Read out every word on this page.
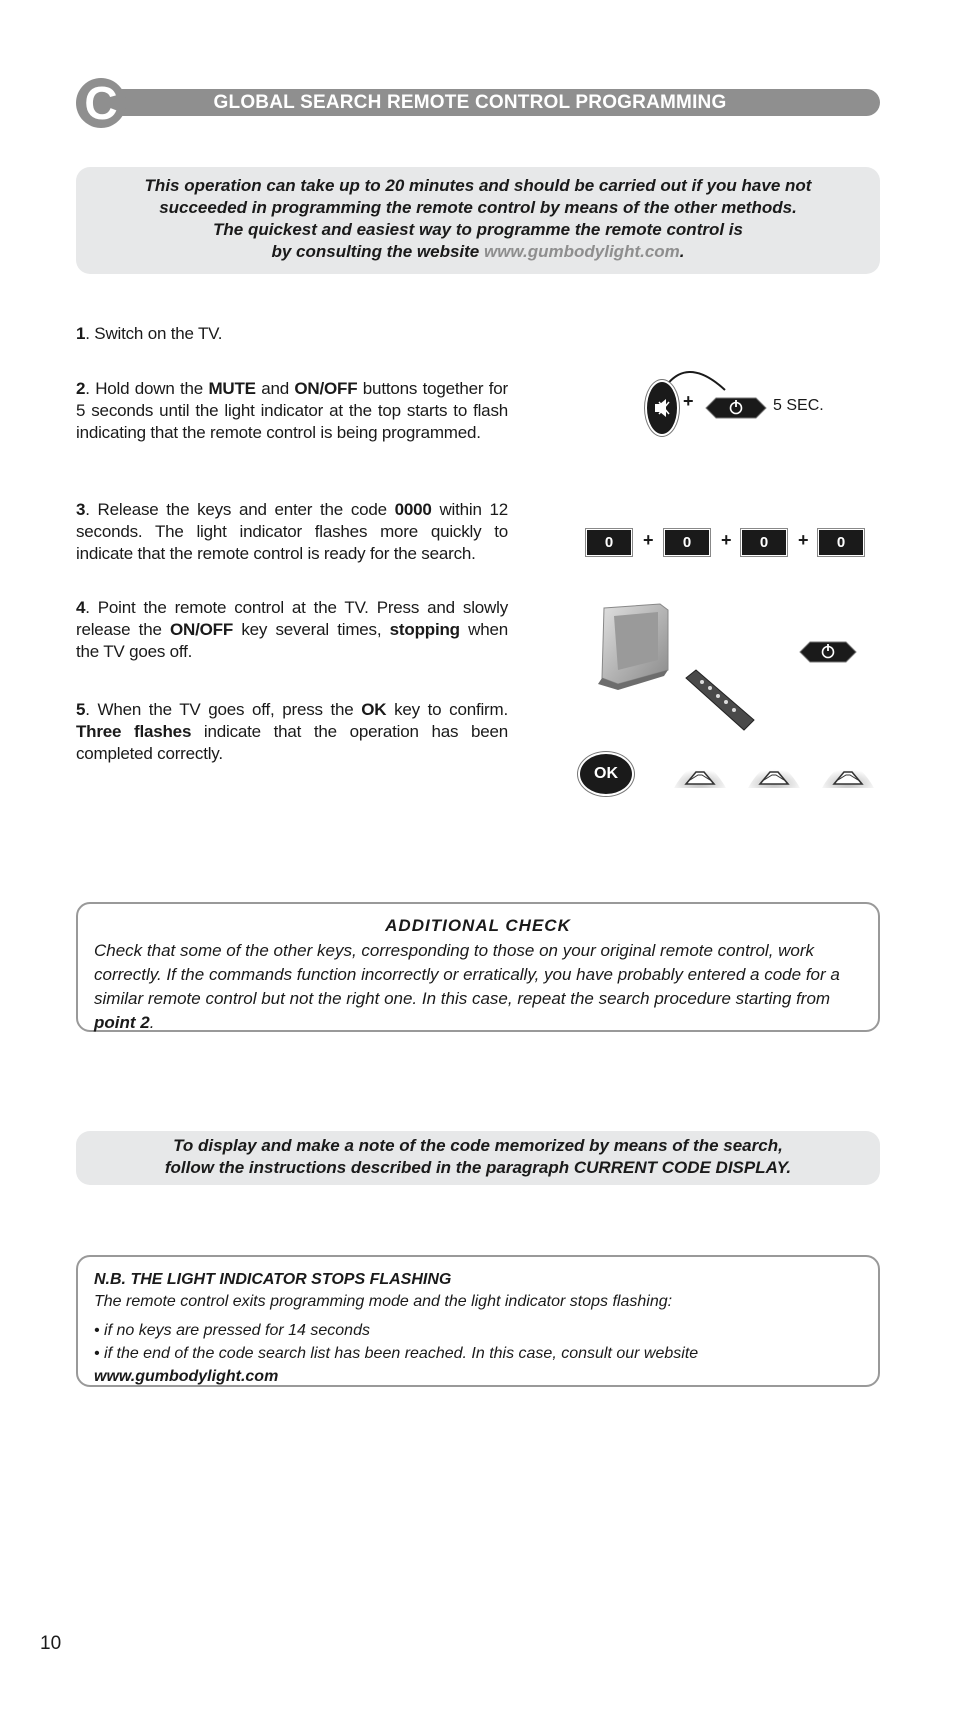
GLOBAL SEARCH REMOTE CONTROL PROGRAMMING
C
This operation can take up to 20 minutes and should be carried out if you have not
succeeded in programming the remote control by means of the other methods.
The quickest and easiest way to programme the remote control is
by consulting the website www.gumbodylight.com.
1. Switch on the TV.
2. Hold down the MUTE and ON/OFF buttons together for 5 seconds until the light indicator at the top starts to flash indicating that the remote control is being programmed.
3. Release the keys and enter the code 0000 within 12 seconds. The light indicator flashes more quickly to indicate that the remote control is ready for the search.
4. Point the remote control at the TV. Press and slowly release the ON/OFF key several times, stopping when the TV goes off.
5. When the TV goes off, press the OK key to confirm. Three flashes indicate that the operation has been completed correctly.
+	5 SEC.
0	+	0	+	0	+	0
OK
ADDITIONAL CHECK
Check that some of the other keys, corresponding to those on your original remote control, work correctly. If the commands function incorrectly or erratically, you have probably entered a code for a similar remote control but not the right one. In this case, repeat the search procedure starting from point 2.
To display and make a note of the code memorized by means of the search,
follow the instructions described in the paragraph CURRENT CODE DISPLAY.
N.B. THE LIGHT INDICATOR STOPS FLASHING
The remote control exits programming mode and the light indicator stops flashing:
• if no keys are pressed for 14 seconds
• if the end of the code search list has been reached. In this case, consult our website www.gumbodylight.com
10
